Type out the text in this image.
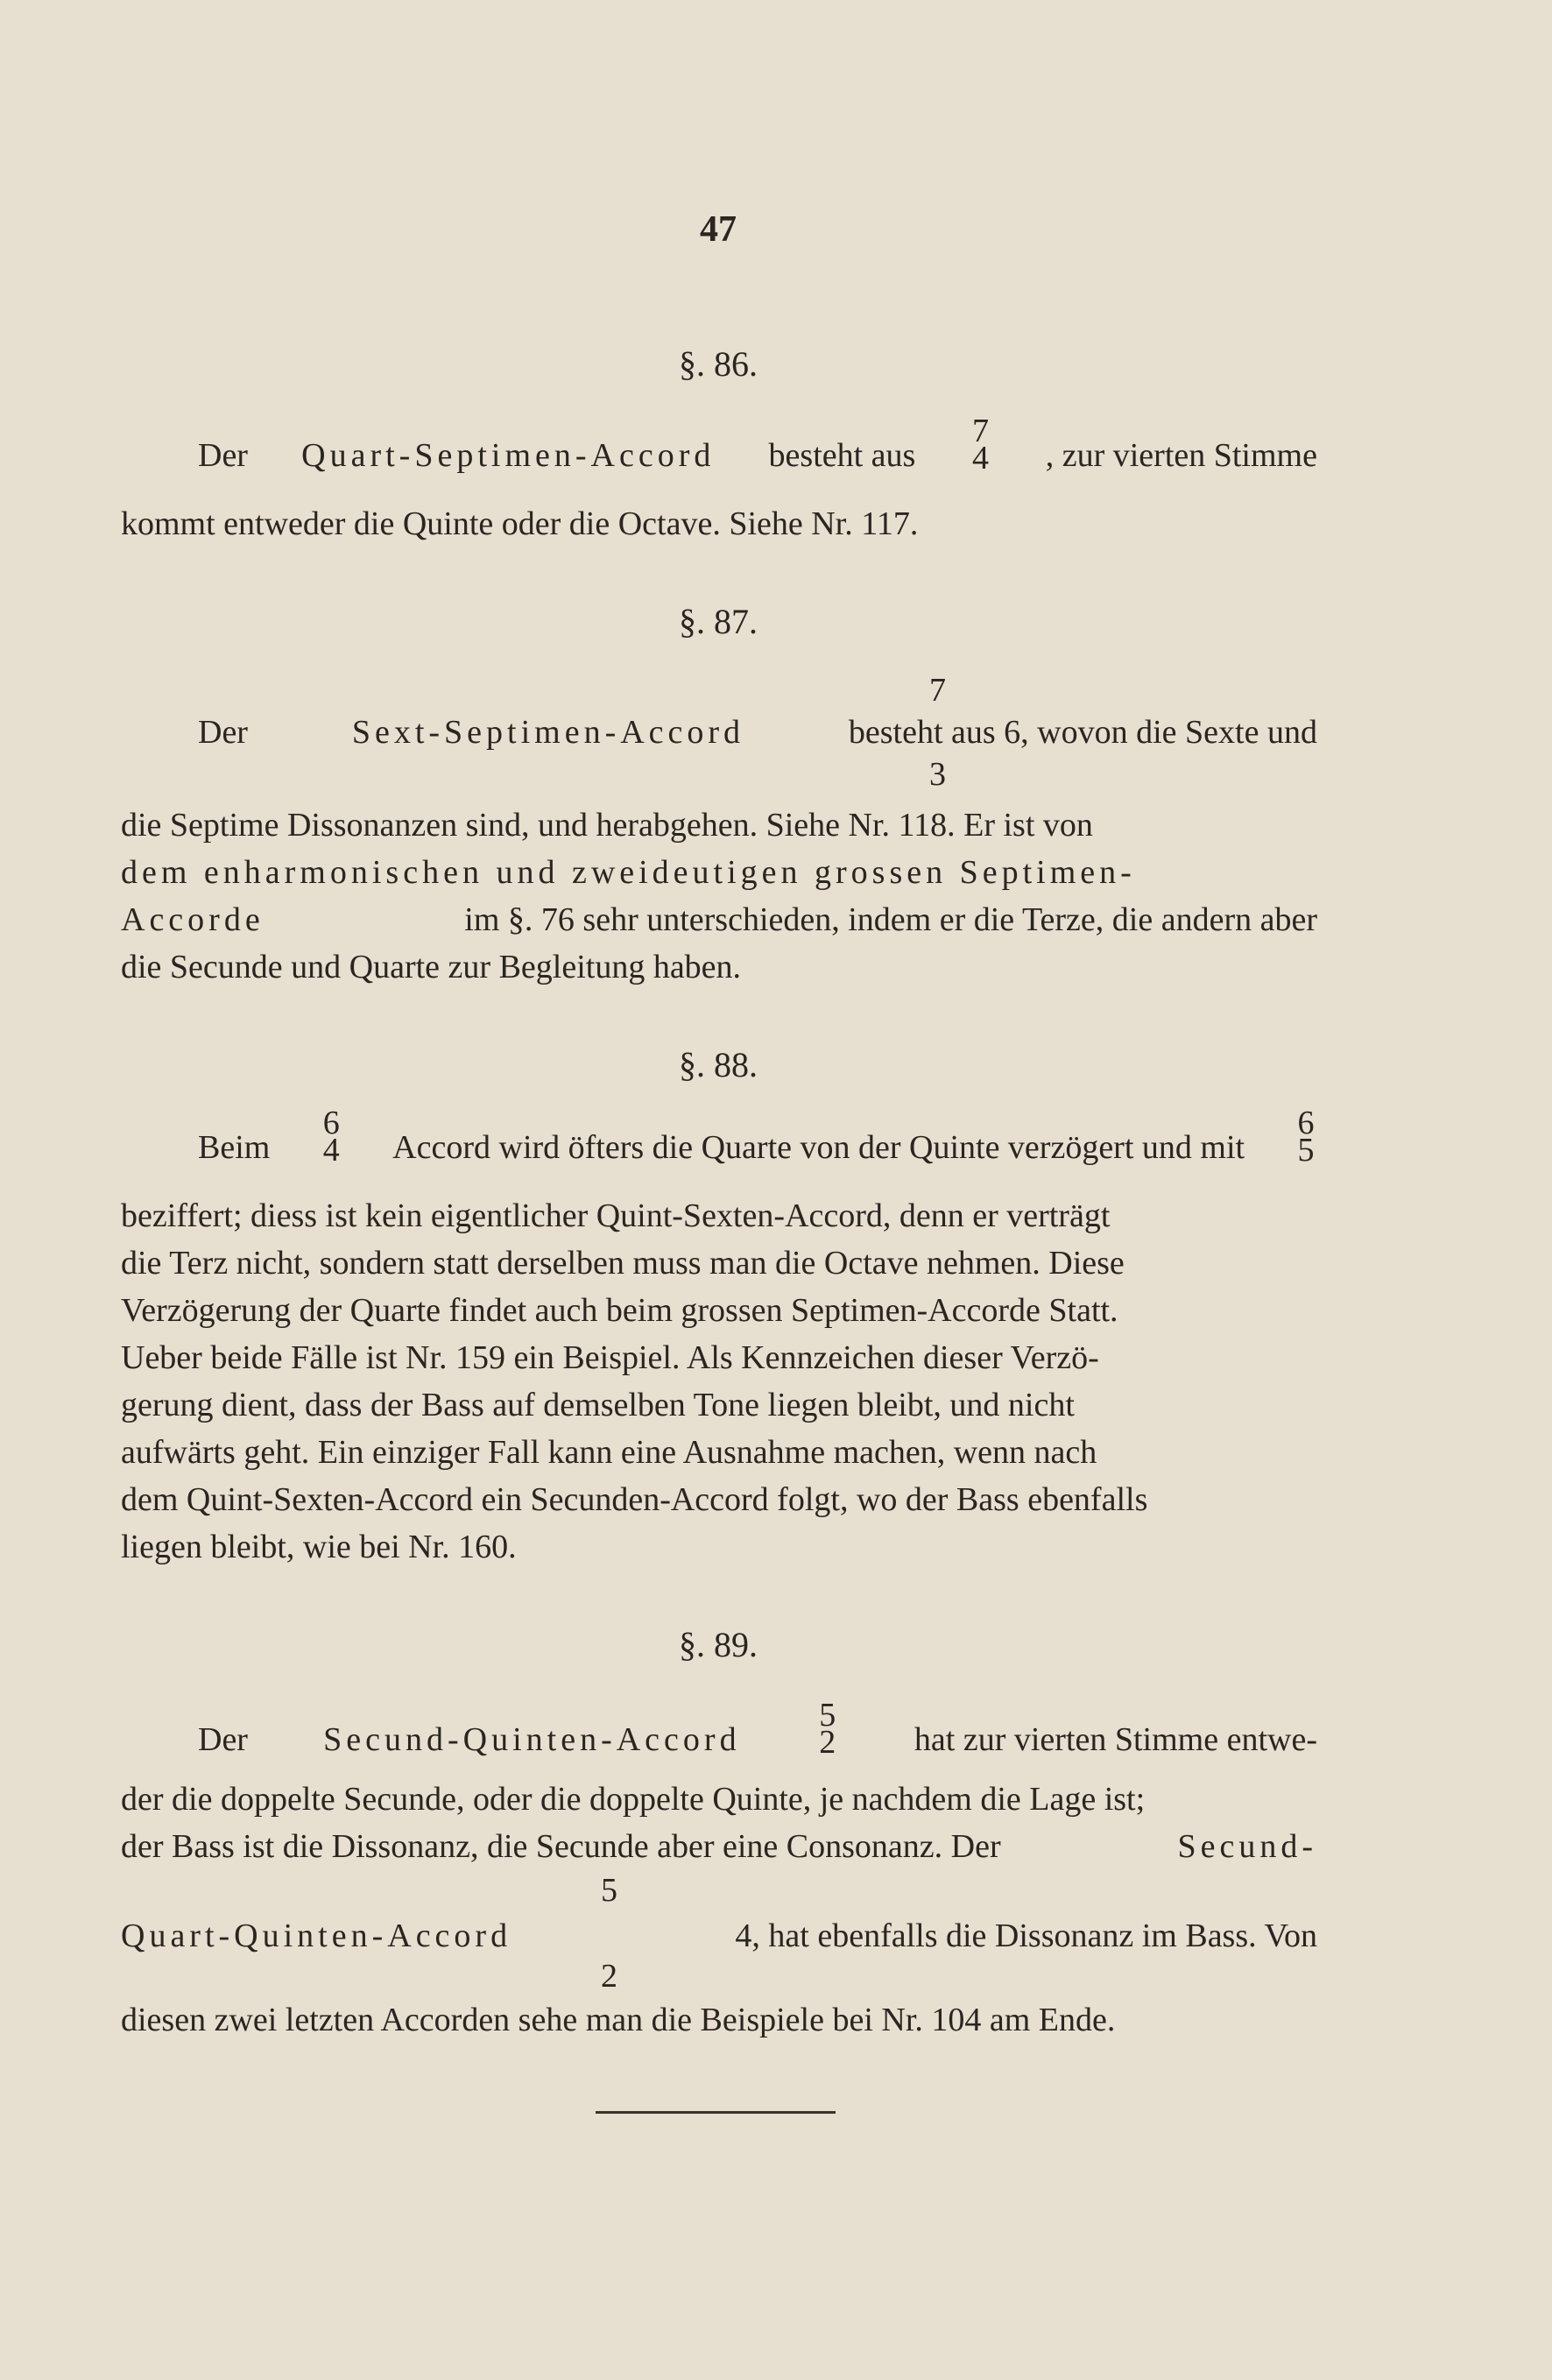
47
§. 86.
Der Quart-Septimen-Accord besteht aus
7
4 , zur vierten Stimme
kommt entweder die Quinte oder die Octave. Siehe Nr. 117.
§. 87.
7
Der	Sext-Septimen-Accord	besteht aus 6, wovon die Sexte und
3
die Septime Dissonanzen sind, und herabgehen. Siehe Nr. 118. Er ist von
dem enharmonischen und zweideutigen grossen Septimen-
Accorde	im §. 76 sehr unterschieden, indem er die Terze, die andern aber
die Secunde und Quarte zur Begleitung haben.
§. 88.
Beim
6
4 Accord wird öfters die Quarte von der Quinte verzögert und mit
6
5
beziffert; diess ist kein eigentlicher Quint-Sexten-Accord, denn er verträgt
die Terz nicht, sondern statt derselben muss man die Octave nehmen. Diese
Verzögerung der Quarte findet auch beim grossen Septimen-Accorde Statt.
Ueber beide Fälle ist Nr. 159 ein Beispiel. Als Kennzeichen dieser Verzö-
gerung dient, dass der Bass auf demselben Tone liegen bleibt, und nicht
aufwärts geht. Ein einziger Fall kann eine Ausnahme machen, wenn nach
dem Quint-Sexten-Accord ein Secunden-Accord folgt, wo der Bass ebenfalls
liegen bleibt, wie bei Nr. 160.
§. 89.
Der Secund-Quinten-Accord
5
2 hat zur vierten Stimme entwe-
der die doppelte Secunde, oder die doppelte Quinte, je nachdem die Lage ist;
der Bass ist die Dissonanz, die Secunde aber eine Consonanz. Der	Secund-
5
Quart-Quinten-Accord	4, hat ebenfalls die Dissonanz im Bass. Von
2
diesen zwei letzten Accorden sehe man die Beispiele bei Nr. 104 am Ende.
